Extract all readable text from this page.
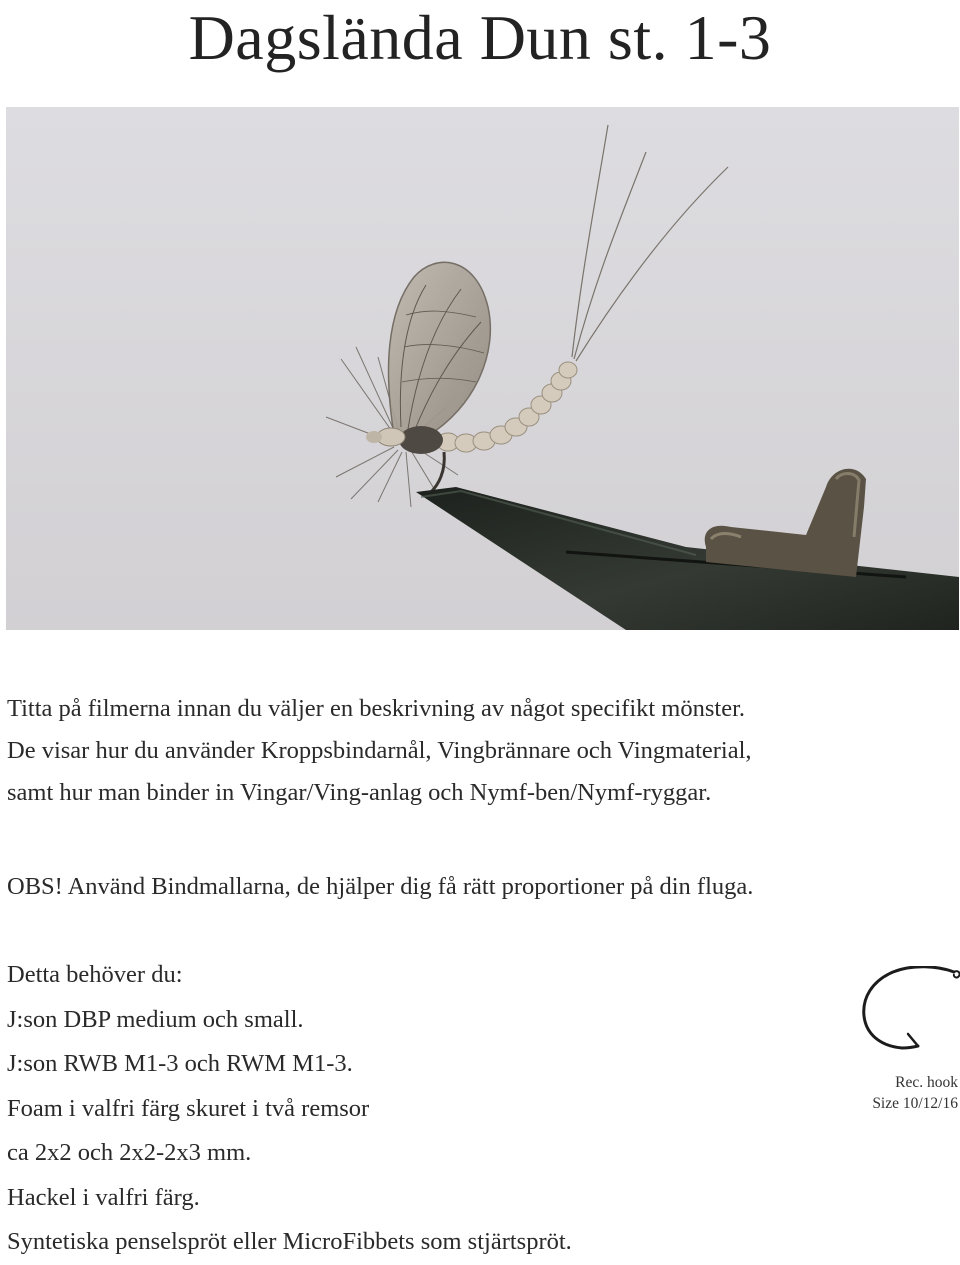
Dagslända Dun st. 1-3
Titta på filmerna innan du väljer en beskrivning av något specifikt mönster.
De visar hur du använder Kroppsbindarnål, Vingbrännare och Vingmaterial,
samt hur man binder in Vingar/Ving-anlag och Nymf-ben/Nymf-ryggar.
OBS! Använd Bindmallarna, de hjälper dig få rätt proportioner på din fluga.
Detta behöver du:
J:son DBP medium och small.
J:son RWB M1-3 och RWM M1-3.
Foam i valfri färg skuret i två remsor
ca 2x2 och 2x2-2x3 mm.
Hackel i valfri färg.
Syntetiska penselspröt eller MicroFibbets som stjärtspröt.
Rec. hook
Size 10/12/16
